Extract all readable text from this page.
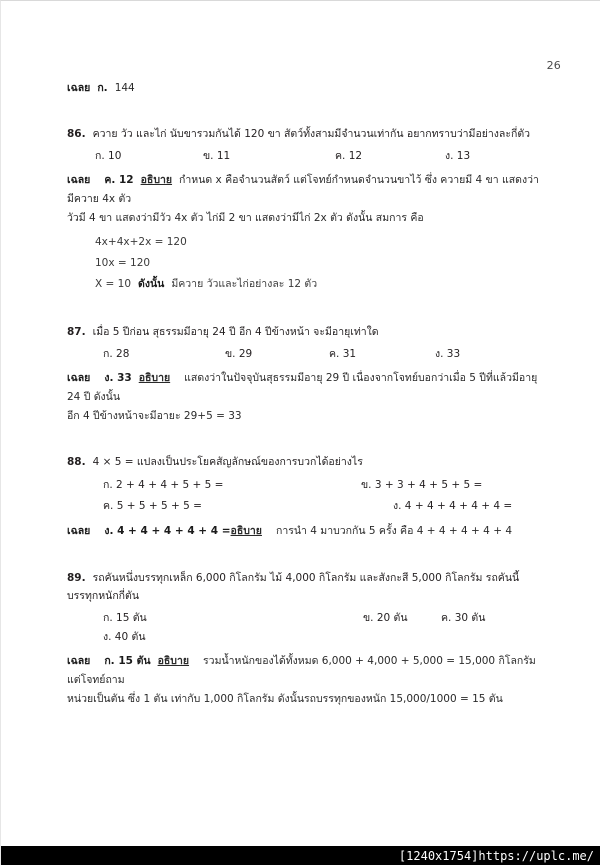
26
เฉลย ก. 144
86. ควาย วัว และไก่ นับขารวมกันได้ 120 ขา สัตว์ทั้งสามมีจำนวนเท่ากัน อยากทราบว่ามีอย่างละกี่ตัว
ก. 10	ข. 11	ค. 12	ง. 13
เฉลย ค. 12 อธิบาย กำหนด x คือจำนวนสัตว์ แต่โจทย์กำหนดจำนวนขาไว้ ซึ่ง ควายมี 4 ขา แสดงว่ามีควาย 4x ตัว
วัวมี 4 ขา แสดงว่ามีวัว 4x ตัว ไก่มี 2 ขา แสดงว่ามีไก่ 2x ตัว ดังนั้น สมการ คือ
4x+4x+2x = 120
10x = 120
X = 10 ดังนั้น มีควาย วัวและไก่อย่างละ 12 ตัว
87. เมื่อ 5 ปีก่อน สุธรรมมีอายุ 24 ปี อีก 4 ปีข้างหน้า จะมีอายุเท่าใด
ก. 28	ข. 29	ค. 31	ง. 33
เฉลย ง. 33 อธิบาย แสดงว่าในปัจจุบันสุธรรมมีอายุ 29 ปี เนื่องจากโจทย์บอกว่าเมื่อ 5 ปีที่แล้วมีอายุ 24 ปี ดังนั้น
อีก 4 ปีข้างหน้าจะมีอายะ 29+5 = 33
88. 4 × 5 = แปลงเป็นประโยคสัญลักษณ์ของการบวกได้อย่างไร
ก. 2 + 4 + 4 + 5 + 5 =	ข. 3 + 3 + 4 + 5 + 5 =
ค. 5 + 5 + 5 + 5 =	ง. 4 + 4 + 4 + 4 + 4 =
เฉลย ง. 4 + 4 + 4 + 4 + 4 =อธิบาย การนำ 4 มาบวกกัน 5 ครั้ง คือ 4 + 4 + 4 + 4 + 4
89. รถคันหนึ่งบรรทุกเหล็ก 6,000 กิโลกรัม ไม้ 4,000 กิโลกรัม และสังกะสี 5,000 กิโลกรัม รถคันนี้บรรทุกหนักกี่ตัน
ก. 15 ตัน	ข. 20 ตัน	ค. 30 ตันง. 40 ตัน
เฉลย ก. 15 ตัน อธิบาย รวมน้ำหนักของได้ทั้งหมด 6,000 + 4,000 + 5,000 = 15,000 กิโลกรัม แต่โจทย์ถาม
หน่วยเป็นตัน ซึ่ง 1 ตัน เท่ากับ 1,000 กิโลกรัม ดังนั้นรถบรรทุกของหนัก 15,000/1000 = 15 ตัน
[1240x1754]https://uplc.me/
